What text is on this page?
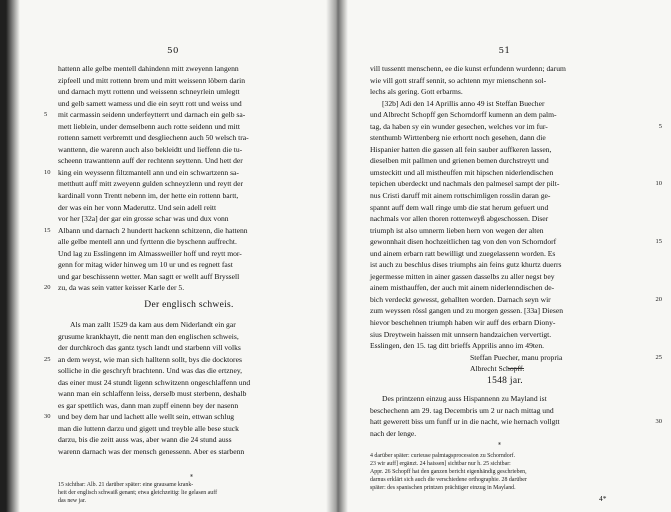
50
hattenn alle gelbe mentell dahindenn mitt zweyenn langenn
zipfeell und mitt rottenn brem und mitt weissenn löbern darin
und darnach mytt rottenn und weissenn schneyrlein umlegtt
und gelb samett wamess und die ein seytt rott und weiss und
5 mit carmassin seidenn underfeytterrt und darnach ein gelb sa-
mett lieblein, under demselbenn auch rotte seidenn und mitt
rottenn samett verbremtt und desgliechenn auch 50 welsch tra-
wanttenn, die warenn auch also bekleidtt und lieffenn die tu-
scheenn trawanttenn auff der rechtenn seyttenn. Und hett der
10 king ein weyssenn filtzmantell ann und ein schwartzenn sa-
metthutt auff mitt zweyenn gulden schneyzlenn und reytt der
kardinall vonn Trentt nebenn im, der hette ein rottenn bartt,
der was ein her vonn Maderuttz. Und sein adell reitt
vor her [32a] der gar ein grosse schar was und dux vonn
15 Albann und darnach 2 hundertt hackenn schitzenn, die hattenn
alle gelbe mentell ann und fyrttenn die byschenn auffrecht.
Und lag zu Esslingenn im Almassweiller hoff und reytt mor-
genn for mitag wider hinweg um 10 ur und es regnett fast
und gar beschissenn wetter. Man sagtt er wellt auff Bryssell
20 zu, da was sein vatter keisser Karle der 5.
Der englisch schweis.
Als man zallt 1529 da kam aus dem Niderlandt ein gar
grusume krankhaytt, die nentt man den englischen schweis,
der durchkroch das gantz tysch landt und starbenn vill volks
25 an dem weyst, wie man sich halltenn sollt, bys die docktores
solliche in die geschryft brachtenn. Und was das die ertzney,
das einer must 24 stundt ligenn schwitzenn ongeschlaffenn und
wann man ein schlaffenn leiss, derselb must sterbenn, deshalb
es gar spettlich was, dann man zupff einenn bey der nasenn
30 und bey dem har und lachett alle wellt sein, ettwan schlug
man die luttenn darzu und gigett und treyble alle bese stuck
darzu, bis die zeitt auss was, aber wann die 24 stund auss
warenn darnach was der mensch genessenn. Aber es starbenn
*
15 sichtbar: Alb. 21 darüber später: eine grausame krank-
heit der englisch schwaiß genant; etwa gleichzeitig: lie gelasen auff
das new jar.
51
vill tussentt menschenn, ee die kunst erfundenn wurdenn; darum
wie vill gott straff sennit, so achtenn myr mienschenn sol-
lechs als gering. Gott erbarms.
[32b] Adi den 14 Aprillis anno 49 ist Steffan Buecher
und Albrecht Schopff gen Schorndorff kumenn an dem palm-
5
tag, da haben sy ein wunder gesechen, welches vor im fur-
stenthumb Wirttenberg nie erhortt noch gesehen, dann die
Hispanier hatten die gassen all fein sauber auffkeren lassen,
dieselben mit pallmen und grienen bemen durchstreytt und
umsteckitt und all mistheuffen mit hipschen niderlendischen
10
tepichen uberdeckt und nachmals den palmesel sampt der pilt-
nus Cristi daruff mit ainem rottschimligen rosslin daran ge-
spannt auff dem wall ringe umb die stat herum gefuert und
nachmals vor allen thoren rottenweyß abgeschossen. Diser
triumph ist also umnerm lieben hern von wegen der alten
15
gewonnhait disen hochzeitlichen tag von den von Schorndorf
und ainem erbarn ratt bewilligt und zuegelassenn worden. Es
ist auch zu beschlus dises triumphs ain feins gutz khurtz duerrs
jegermesse mitten in ainer gassen dasselbs zu aller negst bey
ainem misthauffen, der auch mit ainem niderlenndischen de-
20
bich verdeckt gewesst, gehallten worden. Darnach seyn wir
zum weyssen rössl gangen und zu morgen gessen. [33a] Diesen
hievor beschehnen triumph haben wir auff des erbarn Diony-
sius Dreytwein haissen mit unnsern handzaichen ververtigt.
Esslingen, den 15. tag ditt brieffs Apprilis anno im 49ten.
25
Steffan Puecher, manu propria
Albrecht Schopff.
1548 jar.
Des printzenn einzug auss Hispannenn zu Mayland ist
beschechenn am 29. tag Decembris um 2 ur nach mittag und
30
hatt gewerett biss um funff ur in die nacht, wie hernach vollgtt
nach der lenge.
*
4 darüber später: curieuse palmtagsprocession zu Schorndorf.
23 wir auff] ergänzt. 24 haissen] sichtbar nur h. 25 sichtbar:
Appr. 26 Schopff hat den ganzen bericht eigenhändig geschrieben,
darnus erklärt sich auch die verschiedene orthographie. 28 darüber
später: des spanischen printzen prächtiger einzug in Mayland.
4*
